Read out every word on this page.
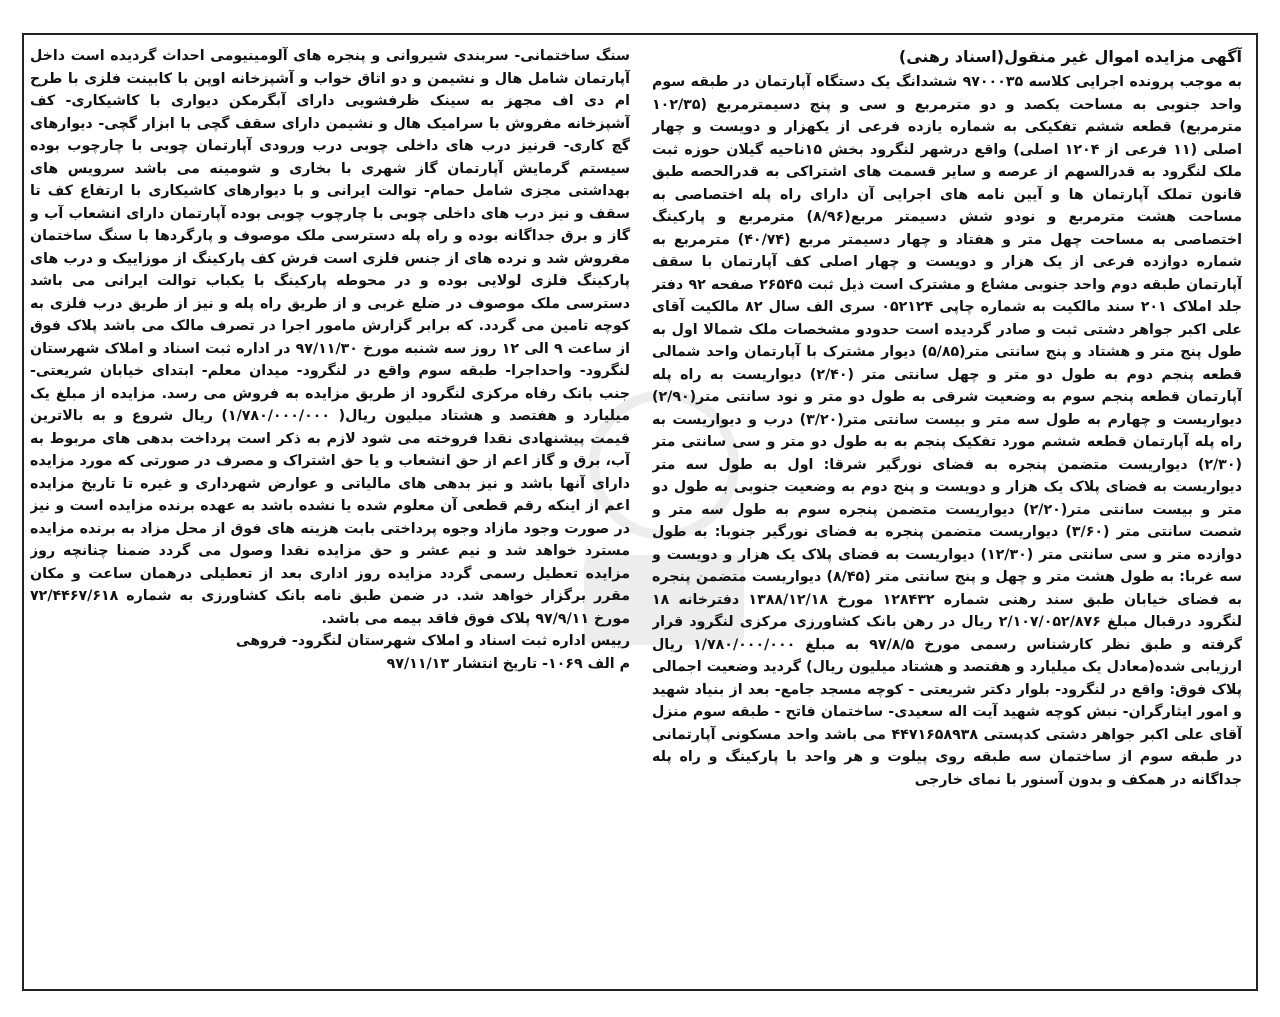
آگهی مزایده اموال غیر منقول(اسناد رهنی)
به موجب پرونده اجرایی کلاسه ۹۷۰۰۰۳۵ ششدانگ یک دستگاه آپارتمان در طبقه سوم واحد جنوبی به مساحت یکصد و دو مترمربع و سی و پنج دسیمترمربع (۱۰۲/۳۵ مترمربع) قطعه ششم تفکیکی به شماره یازده فرعی از یکهزار و دویست و چهار اصلی (۱۱ فرعی از ۱۲۰۴ اصلی) واقع درشهر لنگرود بخش ۱۵ناحیه گیلان حوزه ثبت ملک لنگرود به قدرالسهم از عرصه و سایر قسمت های اشتراکی به قدرالحصه طبق قانون تملک آپارتمان ها و آیین نامه های اجرایی آن دارای راه پله اختصاصی به مساحت هشت مترمربع و نودو شش دسیمتر مربع(۸/۹۶) مترمربع و پارکینگ اختصاصی به مساحت چهل متر و هفتاد و چهار دسیمتر مربع (۴۰/۷۴) مترمربع به شماره دوازده فرعی از یک هزار و دویست و چهار اصلی کف آپارتمان با سقف آپارتمان طبقه دوم واحد جنوبی مشاع و مشترک است ذیل ثبت ۲۶۵۴۵ صفحه ۹۲ دفتر جلد املاک ۲۰۱ سند مالکیت به شماره چاپی ۰۵۲۱۲۴ سری الف سال ۸۲ مالکیت آقای علی اکبر جواهر دشتی ثبت و صادر گردیده است حدودو مشخصات ملک شمالا اول به طول پنج متر و هشتاد و پنج سانتی متر(۵/۸۵) دیوار مشترک با آپارتمان واحد شمالی قطعه پنجم دوم به طول دو متر و چهل سانتی متر (۲/۴۰) دیواریست به راه پله آپارتمان قطعه پنجم سوم به وضعیت شرقی به طول دو متر و نود سانتی متر(۲/۹۰) دیواریست و چهارم به طول سه متر و بیست سانتی متر(۳/۲۰) درب و دیواریست به راه پله آپارتمان قطعه ششم مورد تفکیک پنجم به به طول دو متر و سی سانتی متر (۲/۳۰) دیواریست متضمن پنجره به فضای نورگیر شرقا: اول به طول سه متر دیواریست به فضای پلاک یک هزار و دویست و پنج دوم به وضعیت جنوبی به طول دو متر و بیست سانتی متر(۲/۲۰) دیواریست متضمن پنجره سوم به طول سه متر و شصت سانتی متر (۳/۶۰) دیواریست متضمن پنجره به فضای نورگیر جنوبا: به طول دوازده متر و سی سانتی متر (۱۲/۳۰) دیواریست به فضای پلاک یک هزار و دویست و سه غربا: به طول هشت متر و چهل و پنج سانتی متر (۸/۴۵) دیواریست متضمن پنجره به فضای خیابان طبق سند رهنی شماره ۱۲۸۴۳۲ مورخ ۱۳۸۸/۱۲/۱۸ دفترخانه ۱۸ لنگرود درقبال مبلغ ۲/۱۰۷/۰۵۲/۸۷۶ ریال در رهن بانک کشاورزی مرکزی لنگرود قرار گرفته و طبق نظر کارشناس رسمی مورخ ۹۷/۸/۵ به مبلغ ۱/۷۸۰/۰۰۰/۰۰۰ ریال ارزیابی شده(معادل یک میلیارد و هفتصد و هشتاد میلیون ریال) گردید وضعیت اجمالی پلاک فوق: واقع در لنگرود- بلوار دکتر شریعتی - کوچه مسجد جامع- بعد از بنیاد شهید و امور ایثارگران- نبش کوچه شهید آیت اله سعیدی- ساختمان فاتح - طبقه سوم منزل آقای علی اکبر جواهر دشتی کدپستی ۴۴۷۱۶۵۸۹۳۸ می باشد واحد مسکونی آپارتمانی در طبقه سوم از ساختمان سه طبقه روی پیلوت و هر واحد با پارکینگ و راه پله جداگانه در همکف و بدون آسنور با نمای خارجی
سنگ ساختمانی- سربندی شیروانی و پنجره های آلومینیومی احداث گردیده است داخل آپارتمان شامل هال و نشیمن و دو اتاق خواب و آشپزخانه اوپن با کابینت فلزی با طرح ام دی اف مجهز به سینک ظرفشویی دارای آبگرمکن دیواری با کاشیکاری- کف آشپزخانه مفروش با سرامیک هال و نشیمن دارای سقف گچی با ابزار گچی- دیوارهای گچ کاری- قرنیز درب های داخلی چوبی درب ورودی آپارتمان چوبی با چارچوب بوده سیستم گرمایش آپارتمان گاز شهری با بخاری و شومینه می باشد سرویس های بهداشتی مجزی شامل حمام- توالت ایرانی و با دیوارهای کاشیکاری با ارتفاع کف تا سقف و نیز درب های داخلی چوبی با چارچوب چوبی بوده آپارتمان دارای انشعاب آب و گاز و برق جداگانه بوده و راه پله دسترسی ملک موصوف و پارگردها با سنگ ساختمان مفروش شد و نرده های از جنس فلزی است فرش کف پارکینگ از موزاییک و درب های پارکینگ فلزی لولایی بوده و در محوطه پارکینگ با یکباب توالت ایرانی می باشد دسترسی ملک موصوف در ضلع غربی و از طریق راه پله و نیز از طریق درب فلزی به کوچه تامین می گردد. که برابر گزارش مامور اجرا در تصرف مالک می باشد پلاک فوق از ساعت ۹ الی ۱۲ روز سه شنبه مورخ ۹۷/۱۱/۳۰ در اداره ثبت اسناد و املاک شهرستان لنگرود- واحداجرا- طبقه سوم واقع در لنگرود- میدان معلم- ابتدای خیابان شریعتی- جنب بانک رفاه مرکزی لنگرود از طریق مزایده به فروش می رسد. مزایده از مبلغ یک میلیارد و هفتصد و هشتاد میلیون ریال( ۱/۷۸۰/۰۰۰/۰۰۰) ریال شروع و به بالاترین قیمت پیشنهادی نقدا فروخته می شود لازم به ذکر است پرداخت بدهی های مربوط به آب، برق و گاز اعم از حق انشعاب و یا حق اشتراک و مصرف در صورتی که مورد مزایده دارای آنها باشد و نیز بدهی های مالیاتی و عوارض شهرداری و غیره تا تاریخ مزایده اعم از اینکه رقم قطعی آن معلوم شده یا نشده باشد به عهده برنده مزایده است و نیز در صورت وجود مازاد وجوه پرداختی بابت هزینه های فوق از محل مزاد به برنده مزایده مسترد خواهد شد و نیم عشر و حق مزایده نقدا وصول می گردد ضمنا چنانچه روز مزایده تعطیل رسمی گردد مزایده روز اداری بعد از تعطیلی درهمان ساعت و مکان مقرر برگزار خواهد شد. در ضمن طبق نامه بانک کشاورزی به شماره ۷۲/۴۴۶۷/۶۱۸ مورخ ۹۷/۹/۱۱ پلاک فوق فاقد بیمه می باشد.
رییس اداره ثبت اسناد و املاک شهرستان لنگرود- فروهی
م الف ۱۰۶۹- تاریخ انتشار ۹۷/۱۱/۱۳
